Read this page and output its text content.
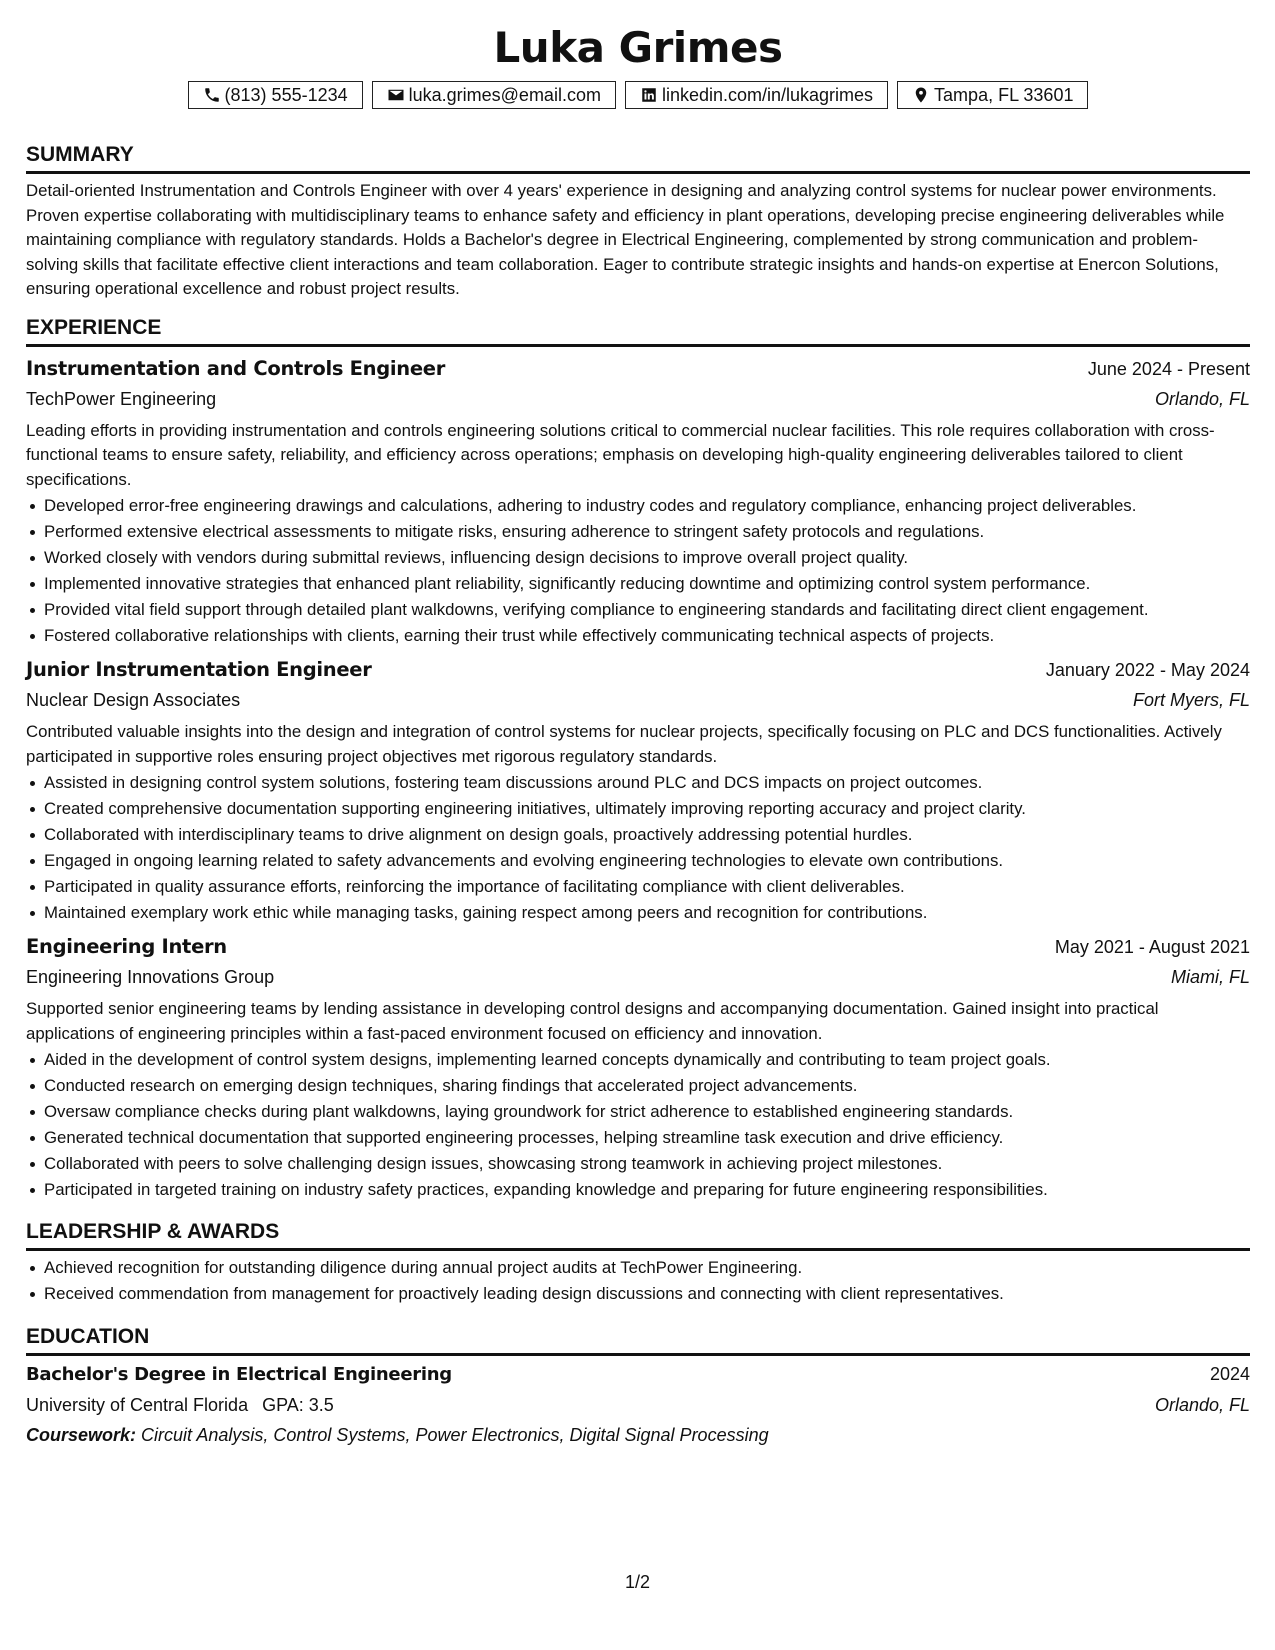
Luka Grimes
(813) 555-1234	luka.grimes@email.com	linkedin.com/in/lukagrimes	Tampa, FL 33601
SUMMARY

Detail-oriented Instrumentation and Controls Engineer with over 4 years' experience in designing and analyzing control systems for nuclear power environments. Proven expertise collaborating with multidisciplinary teams to enhance safety and efficiency in plant operations, developing precise engineering deliverables while maintaining compliance with regulatory standards. Holds a Bachelor's degree in Electrical Engineering, complemented by strong communication and problem-solving skills that facilitate effective client interactions and team collaboration. Eager to contribute strategic insights and hands-on expertise at Enercon Solutions, ensuring operational excellence and robust project results.

EXPERIENCE
Instrumentation and Controls Engineer	June 2024 - Present
TechPower Engineering	Orlando, FL

Leading efforts in providing instrumentation and controls engineering solutions critical to commercial nuclear facilities. This role requires collaboration with cross-functional teams to ensure safety, reliability, and efficiency across operations; emphasis on developing high-quality engineering deliverables tailored to client specifications.

Developed error-free engineering drawings and calculations, adhering to industry codes and regulatory compliance, enhancing project deliverables.
Performed extensive electrical assessments to mitigate risks, ensuring adherence to stringent safety protocols and regulations.
Worked closely with vendors during submittal reviews, influencing design decisions to improve overall project quality.
Implemented innovative strategies that enhanced plant reliability, significantly reducing downtime and optimizing control system performance.
Provided vital field support through detailed plant walkdowns, verifying compliance to engineering standards and facilitating direct client engagement.
Fostered collaborative relationships with clients, earning their trust while effectively communicating technical aspects of projects.
Junior Instrumentation Engineer	January 2022 - May 2024
Nuclear Design Associates	Fort Myers, FL

Contributed valuable insights into the design and integration of control systems for nuclear projects, specifically focusing on PLC and DCS functionalities. Actively participated in supportive roles ensuring project objectives met rigorous regulatory standards.

Assisted in designing control system solutions, fostering team discussions around PLC and DCS impacts on project outcomes.
Created comprehensive documentation supporting engineering initiatives, ultimately improving reporting accuracy and project clarity.
Collaborated with interdisciplinary teams to drive alignment on design goals, proactively addressing potential hurdles.
Engaged in ongoing learning related to safety advancements and evolving engineering technologies to elevate own contributions.
Participated in quality assurance efforts, reinforcing the importance of facilitating compliance with client deliverables.
Maintained exemplary work ethic while managing tasks, gaining respect among peers and recognition for contributions.
Engineering Intern	May 2021 - August 2021
Engineering Innovations Group	Miami, FL

Supported senior engineering teams by lending assistance in developing control designs and accompanying documentation. Gained insight into practical applications of engineering principles within a fast-paced environment focused on efficiency and innovation.

Aided in the development of control system designs, implementing learned concepts dynamically and contributing to team project goals.
Conducted research on emerging design techniques, sharing findings that accelerated project advancements.
Oversaw compliance checks during plant walkdowns, laying groundwork for strict adherence to established engineering standards.
Generated technical documentation that supported engineering processes, helping streamline task execution and drive efficiency.
Collaborated with peers to solve challenging design issues, showcasing strong teamwork in achieving project milestones.
Participated in targeted training on industry safety practices, expanding knowledge and preparing for future engineering responsibilities.
LEADERSHIP & AWARDS
Achieved recognition for outstanding diligence during annual project audits at TechPower Engineering.
Received commendation from management for proactively leading design discussions and connecting with client representatives.
EDUCATION
Bachelor's Degree in Electrical Engineering	2024
University of Central Florida GPA: 3.5	Orlando, FL
Coursework: Circuit Analysis, Control Systems, Power Electronics, Digital Signal Processing
1/2
